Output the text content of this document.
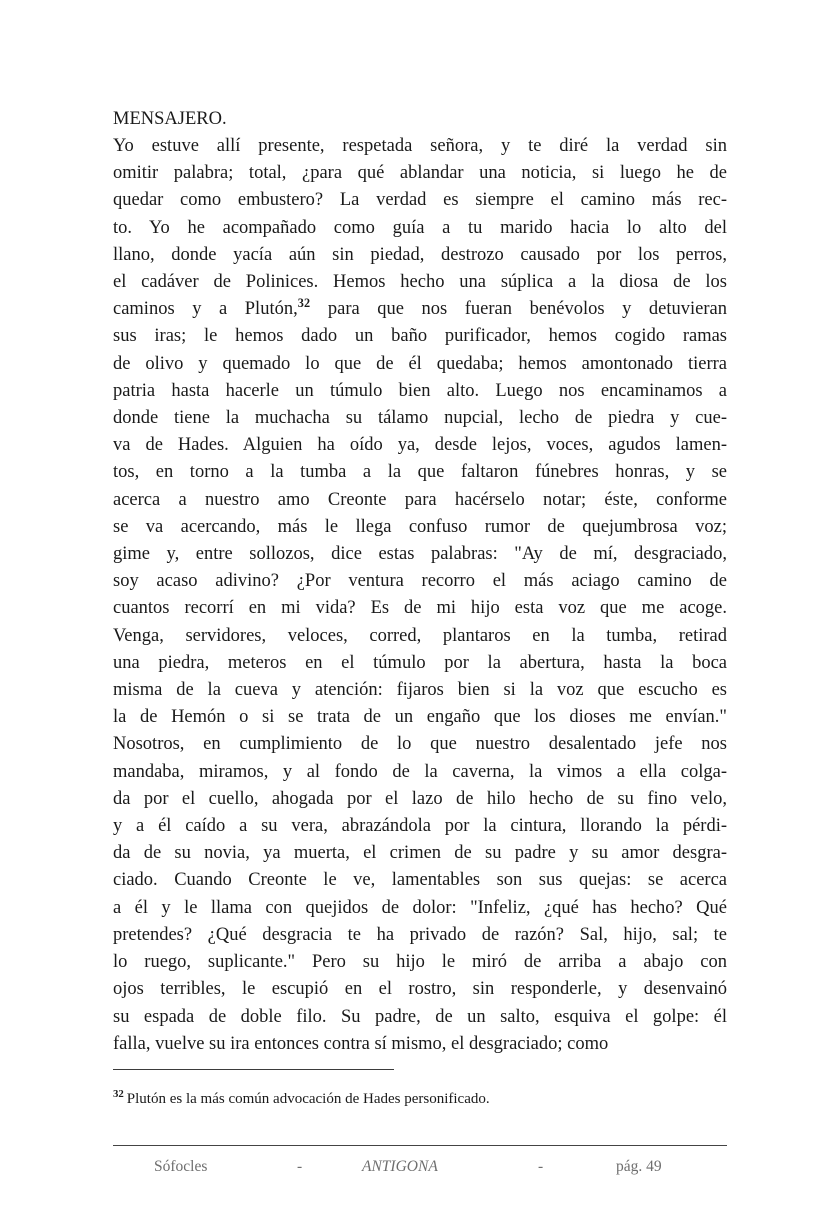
MENSAJERO.
Yo estuve allí presente, respetada señora, y te diré la verdad sin
omitir palabra; total, ¿para qué ablandar una noticia, si luego he de
quedar como embustero? La verdad es siempre el camino más rec-
to. Yo he acompañado como guía a tu marido hacia lo alto del
llano, donde yacía aún sin piedad, destrozo causado por los perros,
el cadáver de Polinices. Hemos hecho una súplica a la diosa de los
caminos y a Plutón,$^{32}$ para que nos fueran benévolos y detuvieran
sus iras; le hemos dado un baño purificador, hemos cogido ramas
de olivo y quemado lo que de él quedaba; hemos amontonado tierra
patria hasta hacerle un túmulo bien alto. Luego nos encaminamos a
donde tiene la muchacha su tálamo nupcial, lecho de piedra y cue-
va de Hades. Alguien ha oído ya, desde lejos, voces, agudos lamen-
tos, en torno a la tumba a la que faltaron fúnebres honras, y se
acerca a nuestro amo Creonte para hacérselo notar; éste, conforme
se va acercando, más le llega confuso rumor de quejumbrosa voz;
gime y, entre sollozos, dice estas palabras: "Ay de mí, desgraciado,
soy acaso adivino? ¿Por ventura recorro el más aciago camino de
cuantos recorrí en mi vida? Es de mi hijo esta voz que me acoge.
Venga, servidores, veloces, corred, plantaros en la tumba, retirad
una piedra, meteros en el túmulo por la abertura, hasta la boca
misma de la cueva y atención: fijaros bien si la voz que escucho es
la de Hemón o si se trata de un engaño que los dioses me envían."
Nosotros, en cumplimiento de lo que nuestro desalentado jefe nos
mandaba, miramos, y al fondo de la caverna, la vimos a ella colga-
da por el cuello, ahogada por el lazo de hilo hecho de su fino velo,
y a él caído a su vera, abrazándola por la cintura, llorando la pérdi-
da de su novia, ya muerta, el crimen de su padre y su amor desgra-
ciado. Cuando Creonte le ve, lamentables son sus quejas: se acerca
a él y le llama con quejidos de dolor: "Infeliz, ¿qué has hecho? Qué
pretendes? ¿Qué desgracia te ha privado de razón? Sal, hijo, sal; te
lo ruego, suplicante." Pero su hijo le miró de arriba a abajo con
ojos terribles, le escupió en el rostro, sin responderle, y desenvainó
su espada de doble filo. Su padre, de un salto, esquiva el golpe: él
falla, vuelve su ira entonces contra sí mismo, el desgraciado; como
$^{32}$ Plutón es la más común advocación de Hades personificado.
Sófocles	-	ANTIGONA	-	pág. 49
